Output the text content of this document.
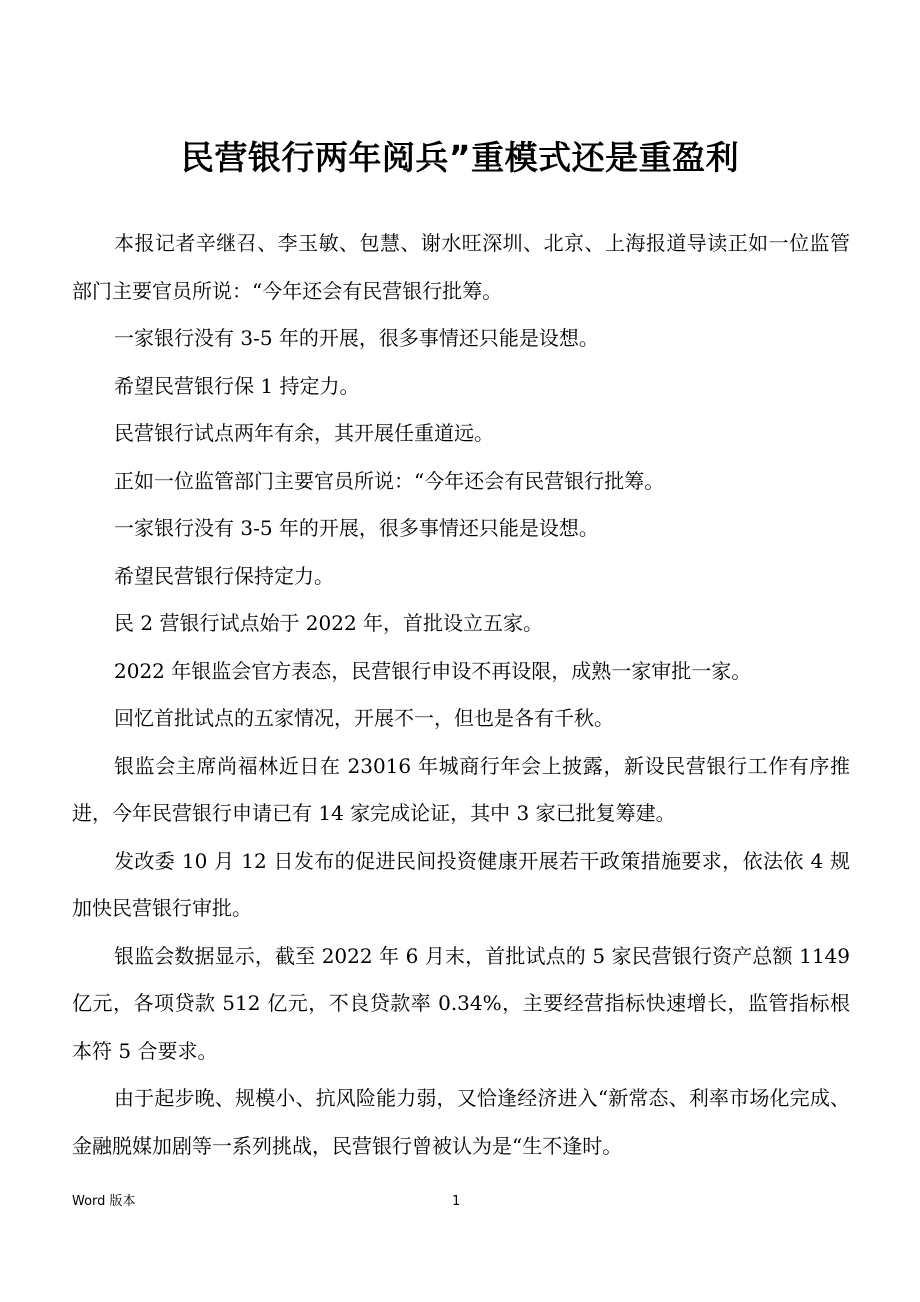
民营银行两年阅兵”重模式还是重盈利

本报记者辛继召、李玉敏、包慧、谢水旺深圳、北京、上海报道导读正如一位监管部门主要官员所说：“今年还会有民营银行批筹。

一家银行没有 3-5 年的开展，很多事情还只能是设想。

希望民营银行保 1 持定力。

民营银行试点两年有余，其开展任重道远。

正如一位监管部门主要官员所说：“今年还会有民营银行批筹。

一家银行没有 3-5 年的开展，很多事情还只能是设想。

希望民营银行保持定力。

民 2 营银行试点始于 2022 年，首批设立五家。

2022 年银监会官方表态，民营银行申设不再设限，成熟一家审批一家。

回忆首批试点的五家情况，开展不一，但也是各有千秋。

银监会主席尚福林近日在 23016 年城商行年会上披露，新设民营银行工作有序推进，今年民营银行申请已有 14 家完成论证，其中 3 家已批复筹建。

发改委 10 月 12 日发布的促进民间投资健康开展若干政策措施要求，依法依 4 规加快民营银行审批。

银监会数据显示，截至 2022 年 6 月末，首批试点的 5 家民营银行资产总额 1149 亿元，各项贷款 512 亿元，不良贷款率 0.34%，主要经营指标快速增长，监管指标根本符 5 合要求。

由于起步晚、规模小、抗风险能力弱，又恰逢经济进入“新常态、利率市场化完成、金融脱媒加剧等一系列挑战，民营银行曾被认为是“生不逢时。

Word 版本	1
